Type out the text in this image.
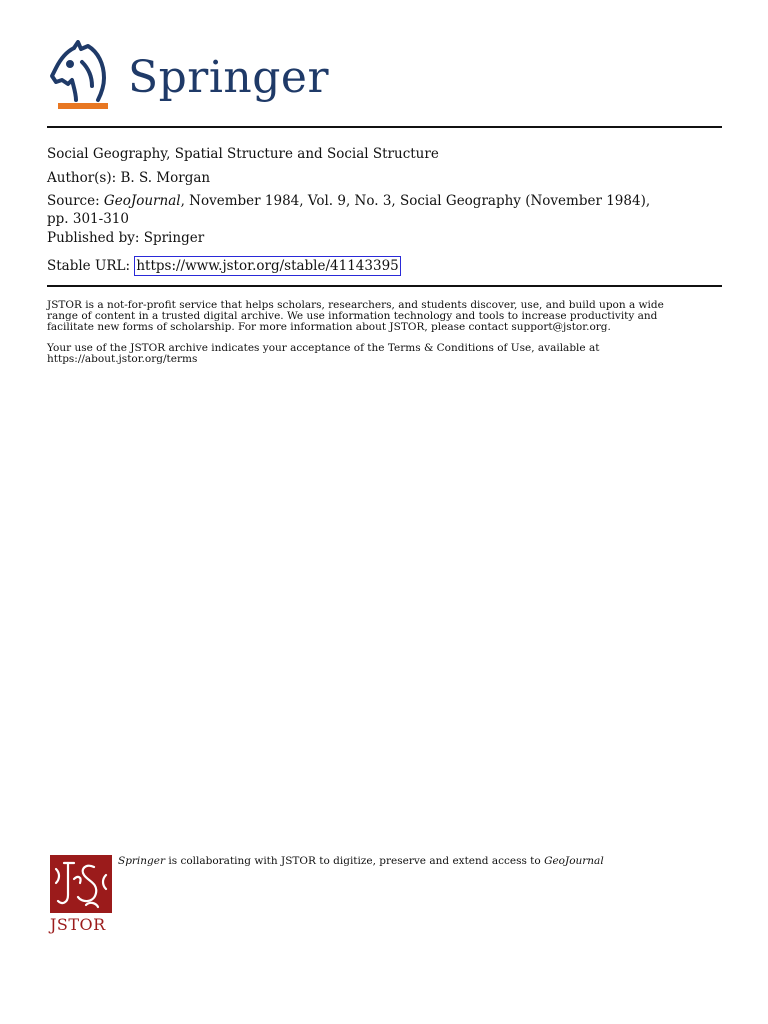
Springer
Social Geography, Spatial Structure and Social Structure
Author(s): B. S. Morgan
Source: GeoJournal, November 1984, Vol. 9, No. 3, Social Geography (November 1984),
pp. 301-310
Published by: Springer
Stable URL: https://www.jstor.org/stable/41143395
JSTOR is a not-for-profit service that helps scholars, researchers, and students discover, use, and build upon a wide
range of content in a trusted digital archive. We use information technology and tools to increase productivity and
facilitate new forms of scholarship. For more information about JSTOR, please contact support@jstor.org.
Your use of the JSTOR archive indicates your acceptance of the Terms & Conditions of Use, available at
https://about.jstor.org/terms
JSTOR
Springer is collaborating with JSTOR to digitize, preserve and extend access to GeoJournal
